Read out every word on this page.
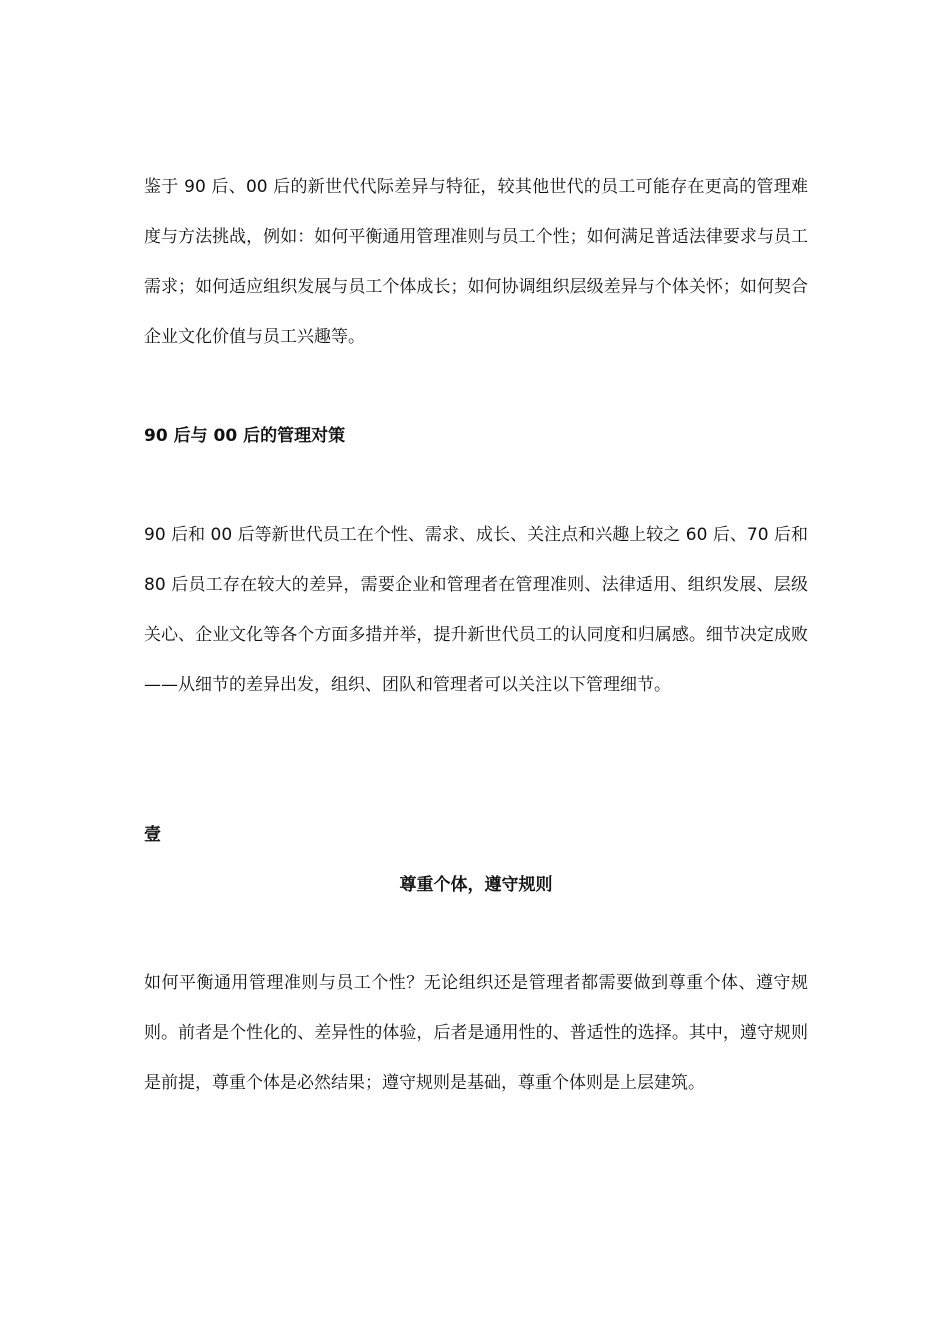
鉴于 90 后、00 后的新世代代际差异与特征，较其他世代的员工可能存在更高的管理难度与方法挑战，例如：如何平衡通用管理准则与员工个性；如何满足普适法律要求与员工需求；如何适应组织发展与员工个体成长；如何协调组织层级差异与个体关怀；如何契合企业文化价值与员工兴趣等。

90 后与 00 后的管理对策

90 后和 00 后等新世代员工在个性、需求、成长、关注点和兴趣上较之 60 后、70 后和 80 后员工存在较大的差异，需要企业和管理者在管理准则、法律适用、组织发展、层级关心、企业文化等各个方面多措并举，提升新世代员工的认同度和归属感。细节决定成败——从细节的差异出发，组织、团队和管理者可以关注以下管理细节。

壹
尊重个体，遵守规则

如何平衡通用管理准则与员工个性？无论组织还是管理者都需要做到尊重个体、遵守规则。前者是个性化的、差异性的体验，后者是通用性的、普适性的选择。其中，遵守规则是前提，尊重个体是必然结果；遵守规则是基础，尊重个体则是上层建筑。
